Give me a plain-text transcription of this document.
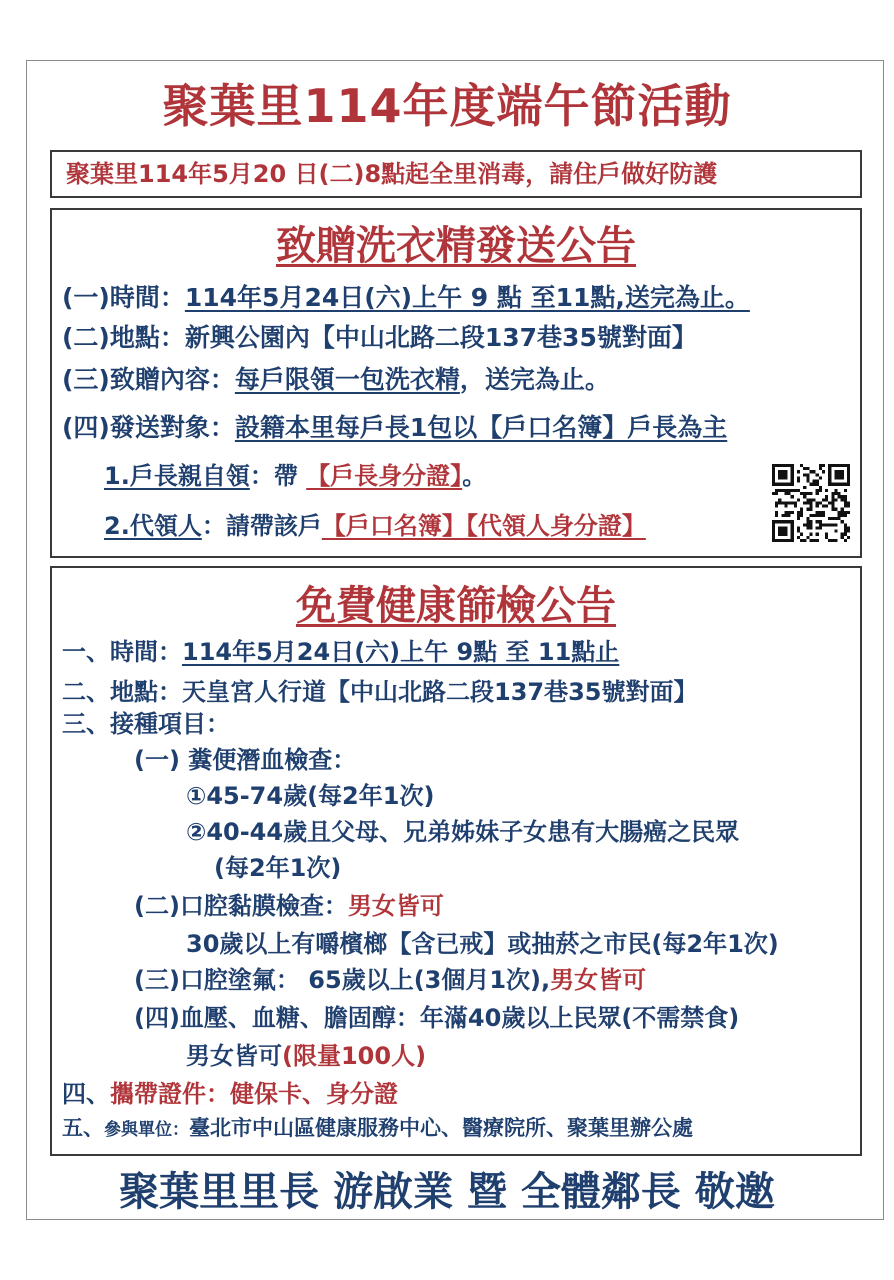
聚葉里114年度端午節活動
聚葉里114年5月20 日(二)8點起全里消毒，請住戶做好防護
致贈洗衣精發送公告
(一)時間：114年5月24日(六)上午 9 點 至11點,送完為止。
(二)地點：新興公園內【中山北路二段137巷35號對面】
(三)致贈內容：每戶限領一包洗衣精，送完為止。
(四)發送對象：設籍本里每戶長1包以【戶口名簿】戶長為主
1.戶長親自領：帶 【戶長身分證】。
2.代領人：請帶該戶【戶口名簿】【代領人身分證】
免費健康篩檢公告
一、時間：114年5月24日(六)上午 9點 至 11點止
二、地點：天皇宮人行道【中山北路二段137巷35號對面】
三、接種項目：
(一) 糞便潛血檢查：
①45-74歲(每2年1次)
②40-44歲且父母、兄弟姊妹子女患有大腸癌之民眾
(每2年1次)
(二)口腔黏膜檢查：男女皆可
30歲以上有嚼檳榔【含已戒】或抽菸之市民(每2年1次)
(三)口腔塗氟： 65歲以上(3個月1次),男女皆可
(四)血壓、血糖、膽固醇：年滿40歲以上民眾(不需禁食)
男女皆可(限量100人)
四、攜帶證件：健保卡、身分證
五、參與單位：臺北市中山區健康服務中心、醫療院所、聚葉里辦公處
聚葉里里長 游啟業 暨 全體鄰長 敬邀
